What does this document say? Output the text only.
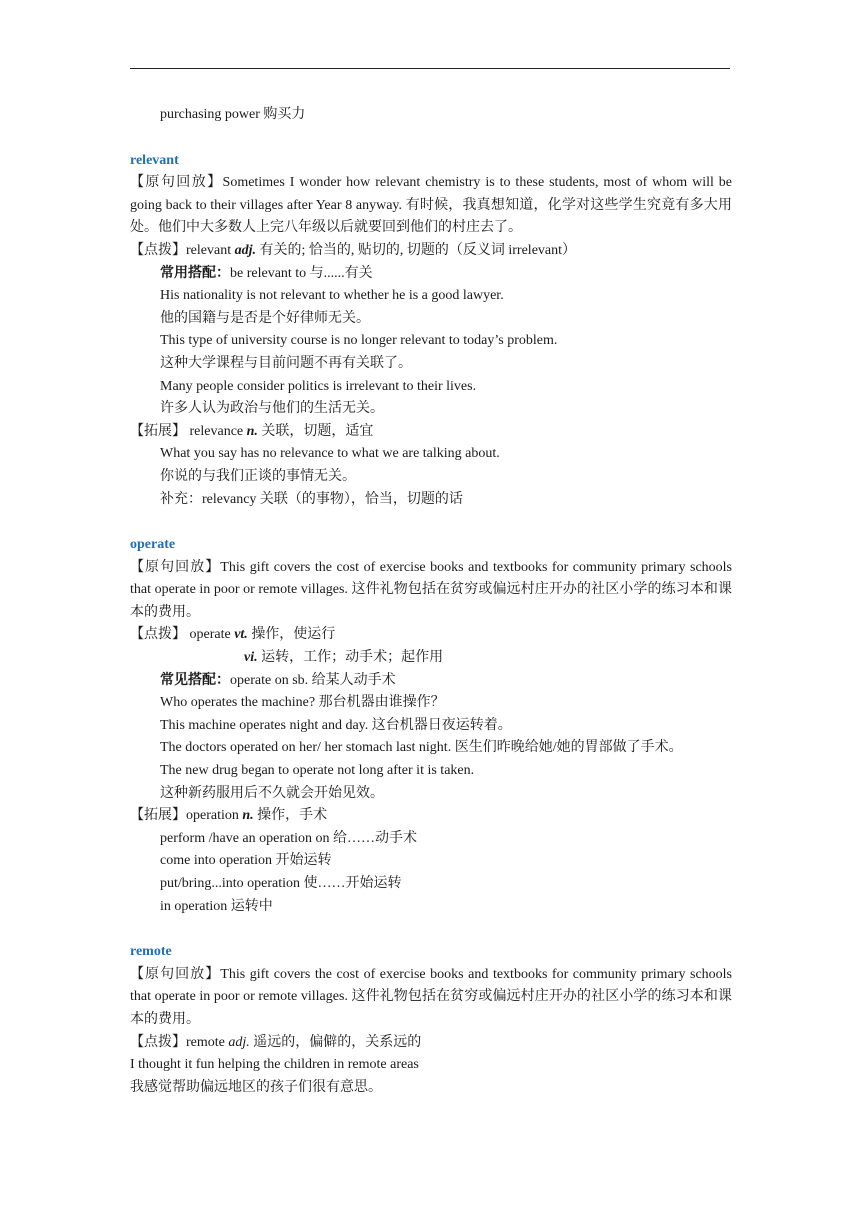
purchasing power 购买力
relevant
【原句回放】Sometimes I wonder how relevant chemistry is to these students, most of whom will be going back to their villages after Year 8 anyway. 有时候，我真想知道，化学对这些学生究竟有多大用处。他们中大多数人上完八年级以后就要回到他们的村庄去了。
【点拨】relevant adj. 有关的; 恰当的, 贴切的, 切题的（反义词 irrelevant）
常用搭配：be relevant to 与......有关
His nationality is not relevant to whether he is a good lawyer.
他的国籍与是否是个好律师无关。
This type of university course is no longer relevant to today’s problem.
这种大学课程与目前问题不再有关联了。
Many people consider politics is irrelevant to their lives.
许多人认为政治与他们的生活无关。
【拓展】 relevance n. 关联，切题，适宜
What you say has no relevance to what we are talking about.
你说的与我们正谈的事情无关。
补充：relevancy 关联（的事物），恰当，切题的话
operate
【原句回放】This gift covers the cost of exercise books and textbooks for community primary schools that operate in poor or remote villages. 这件礼物包括在贫穷或偏远村庄开办的社区小学的练习本和课本的费用。
【点拨】 operate vt. 操作，使运行
vi. 运转，工作；动手术；起作用
常见搭配：operate on sb. 给某人动手术
Who operates the machine? 那台机器由谁操作？
This machine operates night and day. 这台机器日夜运转着。
The doctors operated on her/ her stomach last night. 医生们昨晚给她/她的胃部做了手术。
The new drug began to operate not long after it is taken.
这种新药服用后不久就会开始见效。
【拓展】operation n. 操作，手术
perform /have an operation on 给……动手术
come into operation 开始运转
put/bring...into operation 使……开始运转
in operation 运转中
remote
【原句回放】This gift covers the cost of exercise books and textbooks for community primary schools that operate in poor or remote villages. 这件礼物包括在贫穷或偏远村庄开办的社区小学的练习本和课本的费用。
【点拨】remote adj. 遥远的，偏僻的，关系远的
I thought it fun helping the children in remote areas
我感觉帮助偏远地区的孩子们很有意思。
